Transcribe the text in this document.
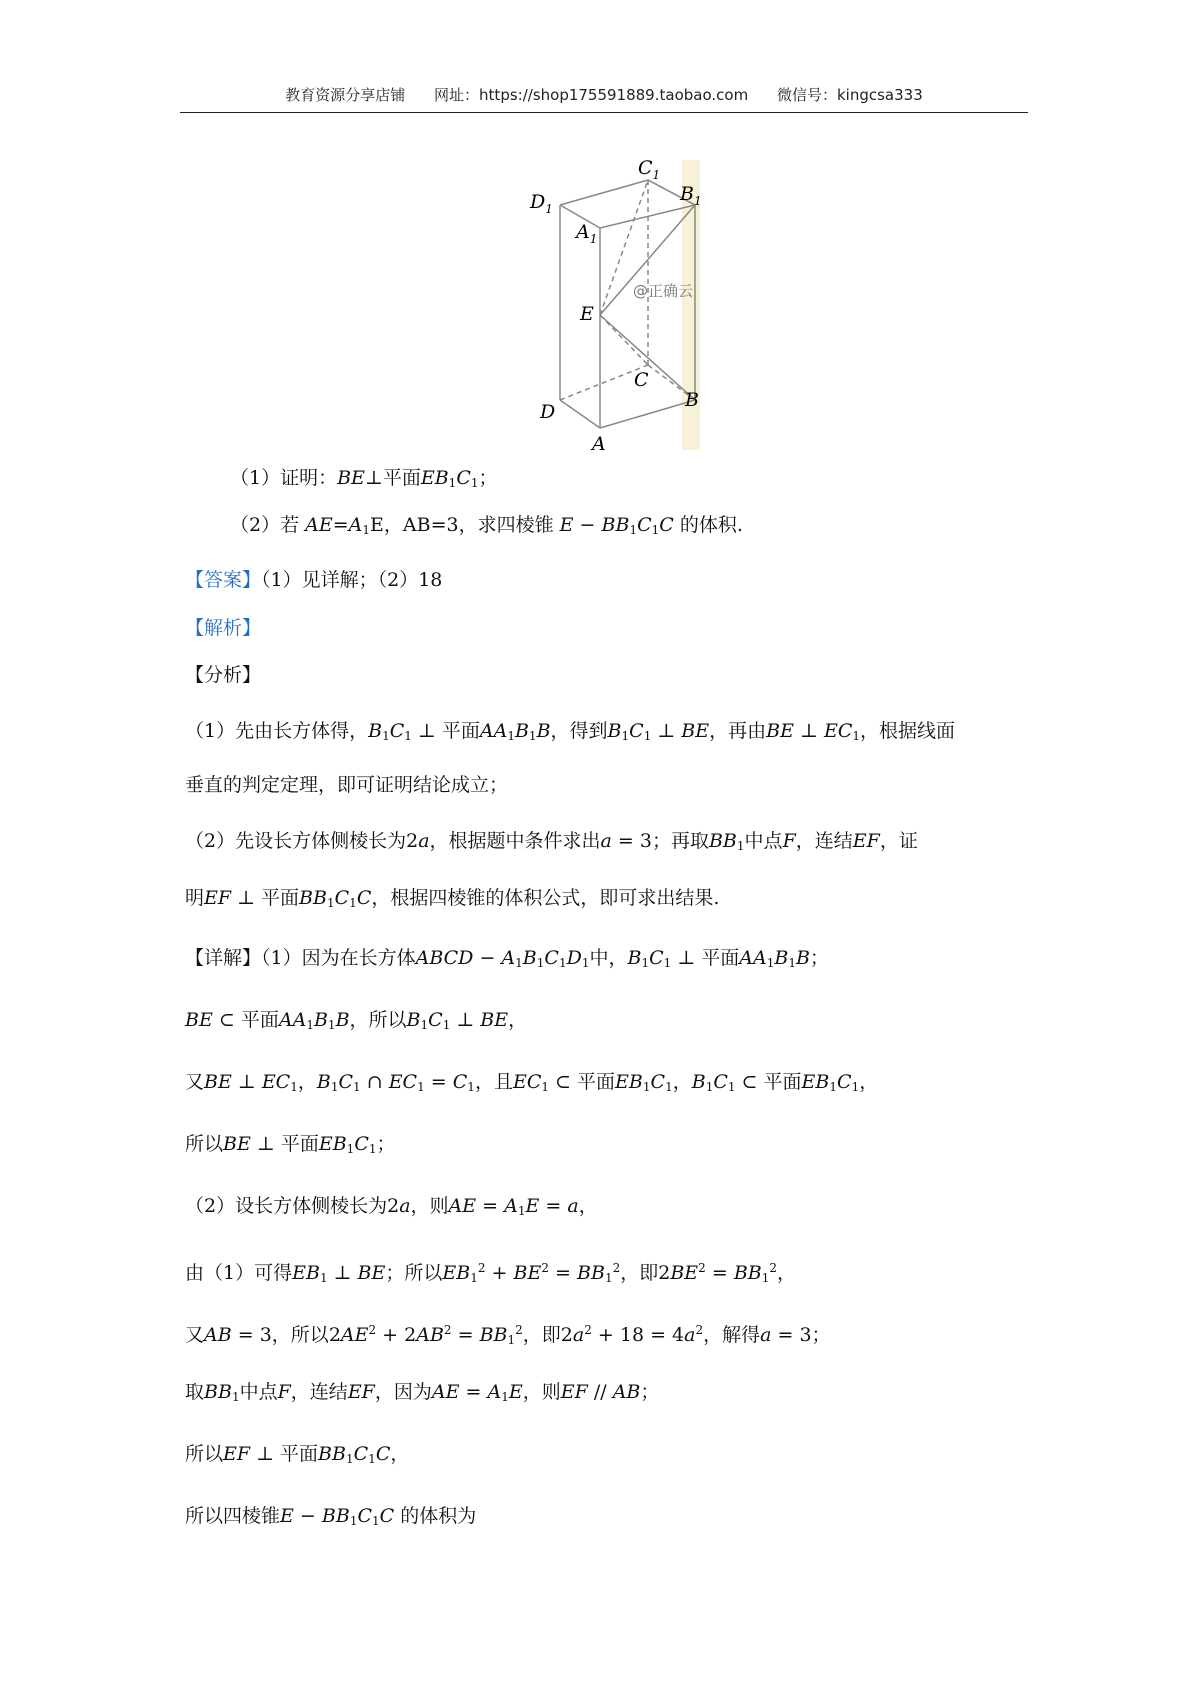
教育资源分享店铺 网址：https://shop175591889.taobao.com 微信号：kingcsa333
$C_1$
$D_1$
$B_1$
$A_1$
E
C
D
B
A
@正确云
（1）证明：BE⊥平面$EB_1C_1$；
（2）若 $AE=A_1E$，AB=3，求四棱锥 $E - BB_1C_1C$ 的体积.
【答案】（1）见详解；（2）18
【解析】
【分析】
（1）先由长方体得，$B_1C_1$ ⊥ 平面$AA_1B_1B$，得到$B_1C_1$ ⊥ BE，再由BE ⊥ $EC_1$，根据线面
垂直的判定定理，即可证明结论成立；
（2）先设长方体侧棱长为2a，根据题中条件求出a = 3；再取$BB_1$中点F，连结EF，证
明EF ⊥ 平面$BB_1C_1C$，根据四棱锥的体积公式，即可求出结果.
【详解】（1）因为在长方体ABCD − $A_1B_1C_1D_1$中，$B_1C_1$ ⊥ 平面$AA_1B_1B$；
BE ⊂ 平面$AA_1B_1B$，所以$B_1C_1$ ⊥ BE，
又BE ⊥ $EC_1$，$B_1C_1$ ∩ $EC_1 = C_1$，且$EC_1$ ⊂ 平面$EB_1C_1$，$B_1C_1$ ⊂ 平面$EB_1C_1$，
所以BE ⊥ 平面$EB_1C_1$；
（2）设长方体侧棱长为2a，则AE = $A_1E = a$，
由（1）可得$EB_1$ ⊥ BE；所以$EB_1^2 + BE^2 = BB_1^2$，即$2BE^2 = BB_1^2$，
又AB = 3，所以$2AE^2 + 2AB^2 = BB_1^2$，即$2a^2 + 18 = 4a^2$，解得a = 3；
取$BB_1$中点F，连结EF，因为AE = $A_1E$，则EF // AB；
所以EF ⊥ 平面$BB_1C_1C$，
所以四棱锥$E - BB_1C_1C$ 的体积为
